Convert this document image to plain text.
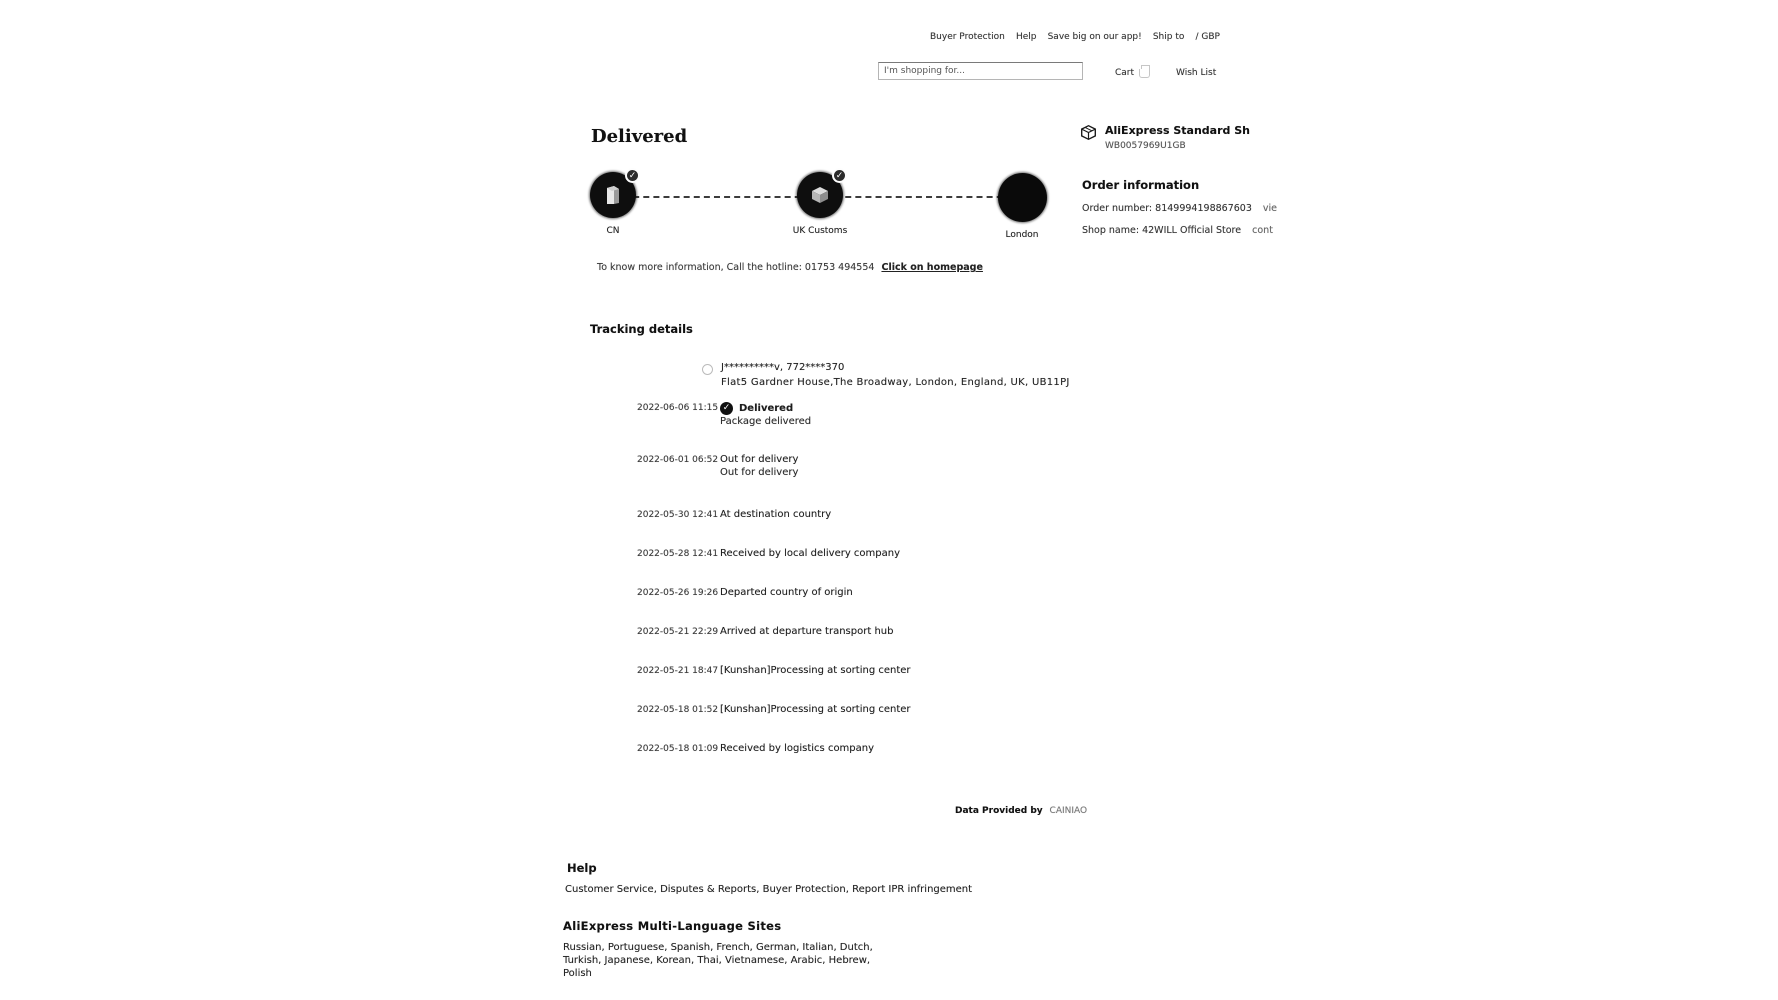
Buyer Protection Help Save big on our app! Ship to / GBP
I'm shopping for...
Cart	Wish List
Delivered
✓
CN
✓
UK Customs	London
To know more information, Call the hotline: 01753 494554 Click on homepage
AliExpress Standard Sh
WB0057969U1GB
Order information
Order number: 8149994198867603 vie
Shop name: 42WILL Official Store cont
Tracking details
J**********v, 772****370
Flat5 Gardner House,The Broadway, London, England, UK, UB11PJ
2022-06-06 11:15 ✓ Delivered
Package delivered
2022-06-01 06:52 Out for delivery
Out for delivery
2022-05-30 12:41 At destination country
2022-05-28 12:41 Received by local delivery company
2022-05-26 19:26 Departed country of origin
2022-05-21 22:29 Arrived at departure transport hub
2022-05-21 18:47 [Kunshan]Processing at sorting center
2022-05-18 01:52 [Kunshan]Processing at sorting center
2022-05-18 01:09 Received by logistics company
Data Provided by CAINIAO
Help
Customer Service, Disputes & Reports, Buyer Protection, Report IPR infringement
AliExpress Multi-Language Sites
Russian, Portuguese, Spanish, French, German, Italian, Dutch, Turkish, Japanese, Korean, Thai, Vietnamese, Arabic, Hebrew, Polish
